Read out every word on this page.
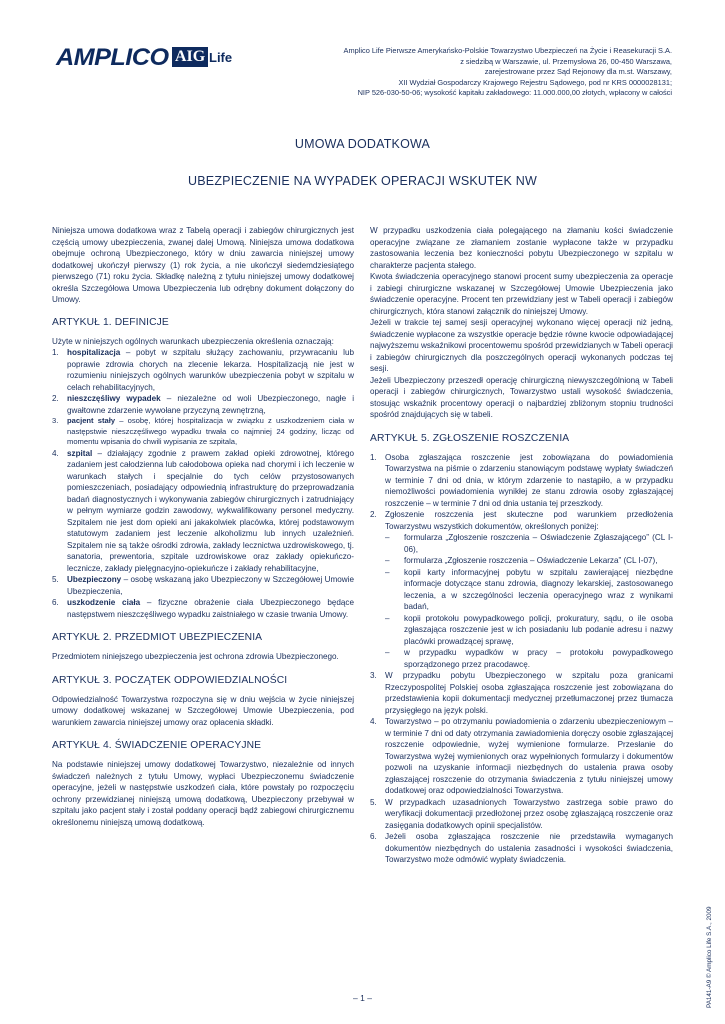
AMPLICO AIG Life	Amplico Life Pierwsze Amerykańsko-Polskie Towarzystwo Ubezpieczeń na Życie i Reasekuracji S.A.
z siedzibą w Warszawie, ul. Przemysłowa 26, 00-450 Warszawa,
zarejestrowane przez Sąd Rejonowy dla m.st. Warszawy,
XII Wydział Gospodarczy Krajowego Rejestru Sądowego, pod nr KRS 0000028131;
NIP 526-030-50-06; wysokość kapitału zakładowego: 11.000.000,00 złotych, wpłacony w całości
UMOWA DODATKOWA
UBEZPIECZENIE NA WYPADEK OPERACJI WSKUTEK NW

Niniejsza umowa dodatkowa wraz z Tabelą operacji i zabiegów chirurgicznych jest częścią umowy ubezpieczenia, zwanej dalej Umową. Niniejsza umowa dodatkowa obejmuje ochroną Ubezpieczonego, który w dniu zawarcia niniejszej umowy dodatkowej ukończył pierwszy (1) rok życia, a nie ukończył siedemdziesiątego pierwszego (71) roku życia. Składkę należną z tytułu niniejszej umowy dodatkowej określa Szczegółowa Umowa Ubezpieczenia lub odrębny dokument dołączony do Umowy.

ARTYKUŁ 1. DEFINICJE

Użyte w niniejszych ogólnych warunkach ubezpieczenia określenia oznaczają:

1. hospitalizacja – pobyt w szpitalu służący zachowaniu, przywracaniu lub poprawie zdrowia chorych na zlecenie lekarza. Hospitalizacją nie jest w rozumieniu niniejszych ogólnych warunków ubezpieczenia pobyt w szpitalu w celach rehabilitacyjnych,
2. nieszczęśliwy wypadek – niezależne od woli Ubezpieczonego, nagłe i gwałtowne zdarzenie wywołane przyczyną zewnętrzną,
3. pacjent stały – osobę, której hospitalizacja w związku z uszkodzeniem ciała w następstwie nieszczęśliwego wypadku trwała co najmniej 24 godziny, licząc od momentu wpisania do chwili wypisania ze szpitala,
4. szpital – działający zgodnie z prawem zakład opieki zdrowotnej, którego zadaniem jest całodzienna lub całodobowa opieka nad chorymi i ich leczenie w warunkach stałych i specjalnie do tych celów przystosowanych pomieszczeniach, posiadający odpowiednią infrastrukturę do przeprowadzania badań diagnostycznych i wykonywania zabiegów chirurgicznych i zatrudniający w pełnym wymiarze godzin zawodowy, wykwalifikowany personel medyczny. Szpitalem nie jest dom opieki ani jakakolwiek placówka, której podstawowym statutowym zadaniem jest leczenie alkoholizmu lub innych uzależnień. Szpitalem nie są także ośrodki zdrowia, zakłady lecznictwa uzdrowiskowego, tj. sanatoria, prewentoria, szpitale uzdrowiskowe oraz zakłady opiekuńczo-lecznicze, zakłady pielęgnacyjno-opiekuńcze i zakłady rehabilitacyjne,
5. Ubezpieczony – osobę wskazaną jako Ubezpieczony w Szczegółowej Umowie Ubezpieczenia,
6. uszkodzenie ciała – fizyczne obrażenie ciała Ubezpieczonego będące następstwem nieszczęśliwego wypadku zaistniałego w czasie trwania Umowy.
ARTYKUŁ 2. PRZEDMIOT UBEZPIECZENIA

Przedmiotem niniejszego ubezpieczenia jest ochrona zdrowia Ubezpieczonego.

ARTYKUŁ 3. POCZĄTEK ODPOWIEDZIALNOŚCI

Odpowiedzialność Towarzystwa rozpoczyna się w dniu wejścia w życie niniejszej umowy dodatkowej wskazanej w Szczegółowej Umowie Ubezpieczenia, pod warunkiem zawarcia niniejszej umowy oraz opłacenia składki.

ARTYKUŁ 4. ŚWIADCZENIE OPERACYJNE

Na podstawie niniejszej umowy dodatkowej Towarzystwo, niezależnie od innych świadczeń należnych z tytułu Umowy, wypłaci Ubezpieczonemu świadczenie operacyjne, jeżeli w następstwie uszkodzeń ciała, które powstały po rozpoczęciu ochrony przewidzianej niniejszą umową dodatkową, Ubezpieczony przebywał w szpitalu jako pacjent stały i został poddany operacji bądź zabiegowi chirurgicznemu określonemu niniejszą umową dodatkową.

W przypadku uszkodzenia ciała polegającego na złamaniu kości świadczenie operacyjne związane ze złamaniem zostanie wypłacone także w przypadku zastosowania leczenia bez konieczności pobytu Ubezpieczonego w szpitalu w charakterze pacjenta stałego.

Kwota świadczenia operacyjnego stanowi procent sumy ubezpieczenia za operacje i zabiegi chirurgiczne wskazanej w Szczegółowej Umowie Ubezpieczenia jako świadczenie operacyjne. Procent ten przewidziany jest w Tabeli operacji i zabiegów chirurgicznych, która stanowi załącznik do niniejszej Umowy.

Jeżeli w trakcie tej samej sesji operacyjnej wykonano więcej operacji niż jedną, świadczenie wypłacone za wszystkie operacje będzie równe kwocie odpowiadającej najwyższemu wskaźnikowi procentowemu spośród przewidzianych w Tabeli operacji i zabiegów chirurgicznych dla poszczególnych operacji wykonanych podczas tej sesji.

Jeżeli Ubezpieczony przeszedł operację chirurgiczną niewyszczególnioną w Tabeli operacji i zabiegów chirurgicznych, Towarzystwo ustali wysokość świadczenia, stosując wskaźnik procentowy operacji o najbardziej zbliżonym stopniu trudności spośród znajdujących się w tabeli.

ARTYKUŁ 5. ZGŁOSZENIE ROSZCZENIA
1. Osoba zgłaszająca roszczenie jest zobowiązana do powiadomienia Towarzystwa na piśmie o zdarzeniu stanowiącym podstawę wypłaty świadczeń w terminie 7 dni od dnia, w którym zdarzenie to nastąpiło, a w przypadku niemożliwości powiadomienia wynikłej ze stanu zdrowia osoby zgłaszającej roszczenie – w terminie 7 dni od dnia ustania tej przeszkody.
2. Zgłoszenie roszczenia jest skuteczne pod warunkiem przedłożenia Towarzystwu wszystkich dokumentów, określonych poniżej:
– formularza „Zgłoszenie roszczenia – Oświadczenie Zgłaszającego” (CL I-06),
– formularza „Zgłoszenie roszczenia – Oświadczenie Lekarza” (CL I-07),
– kopii karty informacyjnej pobytu w szpitalu zawierającej niezbędne informacje dotyczące stanu zdrowia, diagnozy lekarskiej, zastosowanego leczenia, a w szczególności leczenia operacyjnego wraz z wynikami badań,
– kopii protokołu powypadkowego policji, prokuratury, sądu, o ile osoba zgłaszająca roszczenie jest w ich posiadaniu lub podanie adresu i nazwy placówki prowadzącej sprawę,
– w przypadku wypadków w pracy – protokołu powypadkowego sporządzonego przez pracodawcę.
3. W przypadku pobytu Ubezpieczonego w szpitalu poza granicami Rzeczypospolitej Polskiej osoba zgłaszająca roszczenie jest zobowiązana do przedstawienia kopii dokumentacji medycznej przetłumaczonej przez tłumacza przysięgłego na język polski.
4. Towarzystwo – po otrzymaniu powiadomienia o zdarzeniu ubezpieczeniowym – w terminie 7 dni od daty otrzymania zawiadomienia doręczy osobie zgłaszającej roszczenie odpowiednie, wyżej wymienione formularze. Przesłanie do Towarzystwa wyżej wymienionych oraz wypełnionych formularzy i dokumentów pozwoli na uzyskanie informacji niezbędnych do ustalenia prawa osoby zgłaszającej roszczenie do otrzymania świadczenia z tytułu niniejszej umowy dodatkowej oraz odpowiedzialności Towarzystwa.
5. W przypadkach uzasadnionych Towarzystwo zastrzega sobie prawo do weryfikacji dokumentacji przedłożonej przez osobę zgłaszającą roszczenie oraz zasięgania dodatkowych opinii specjalistów.
6. Jeżeli osoba zgłaszająca roszczenie nie przedstawiła wymaganych dokumentów niezbędnych do ustalenia zasadności i wysokości świadczenia, Towarzystwo może odmówić wypłaty świadczenia.
– 1 –	PA141-A9 © Amplico Life S.A., 2009
